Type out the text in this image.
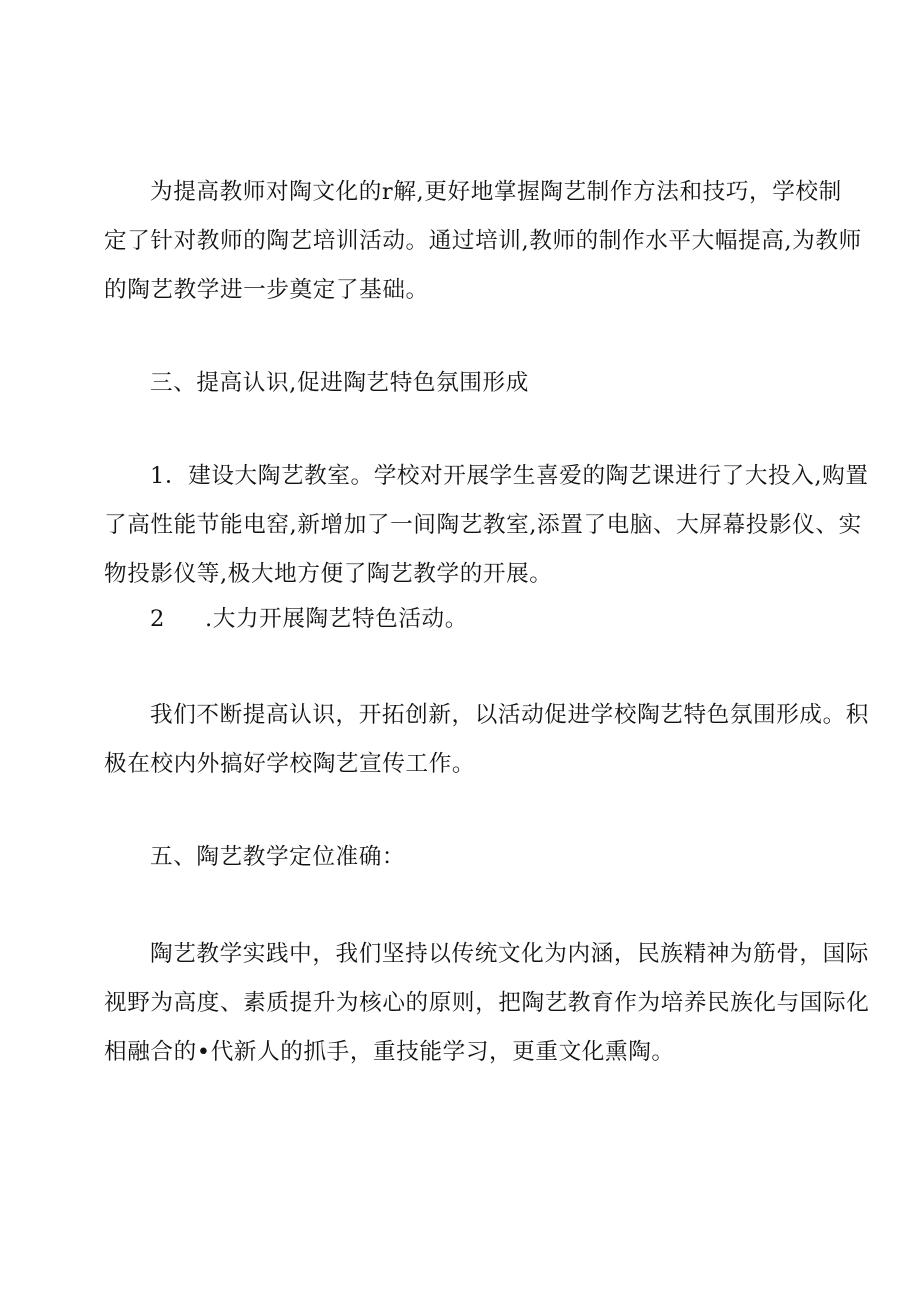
为提高教师对陶文化的r解,更好地掌握陶艺制作方法和技巧，学校制

定了针对教师的陶艺培训活动。通过培训,教师的制作水平大幅提高,为教师

的陶艺教学进一步奠定了基础。

三、提高认识,促进陶艺特色氛围形成

1．建设大陶艺教室。学校对开展学生喜爱的陶艺课进行了大投入,购置

了高性能节能电窑,新增加了一间陶艺教室,添置了电脑、大屏幕投影仪、实

物投影仪等,极大地方便了陶艺教学的开展。

2 .大力开展陶艺特色活动。

我们不断提高认识，开拓创新，以活动促进学校陶艺特色氛围形成。积

极在校内外搞好学校陶艺宣传工作。

五、陶艺教学定位准确：

陶艺教学实践中，我们坚持以传统文化为内涵，民族精神为筋骨，国际

视野为高度、素质提升为核心的原则，把陶艺教育作为培养民族化与国际化

相融合的•代新人的抓手，重技能学习，更重文化熏陶。
